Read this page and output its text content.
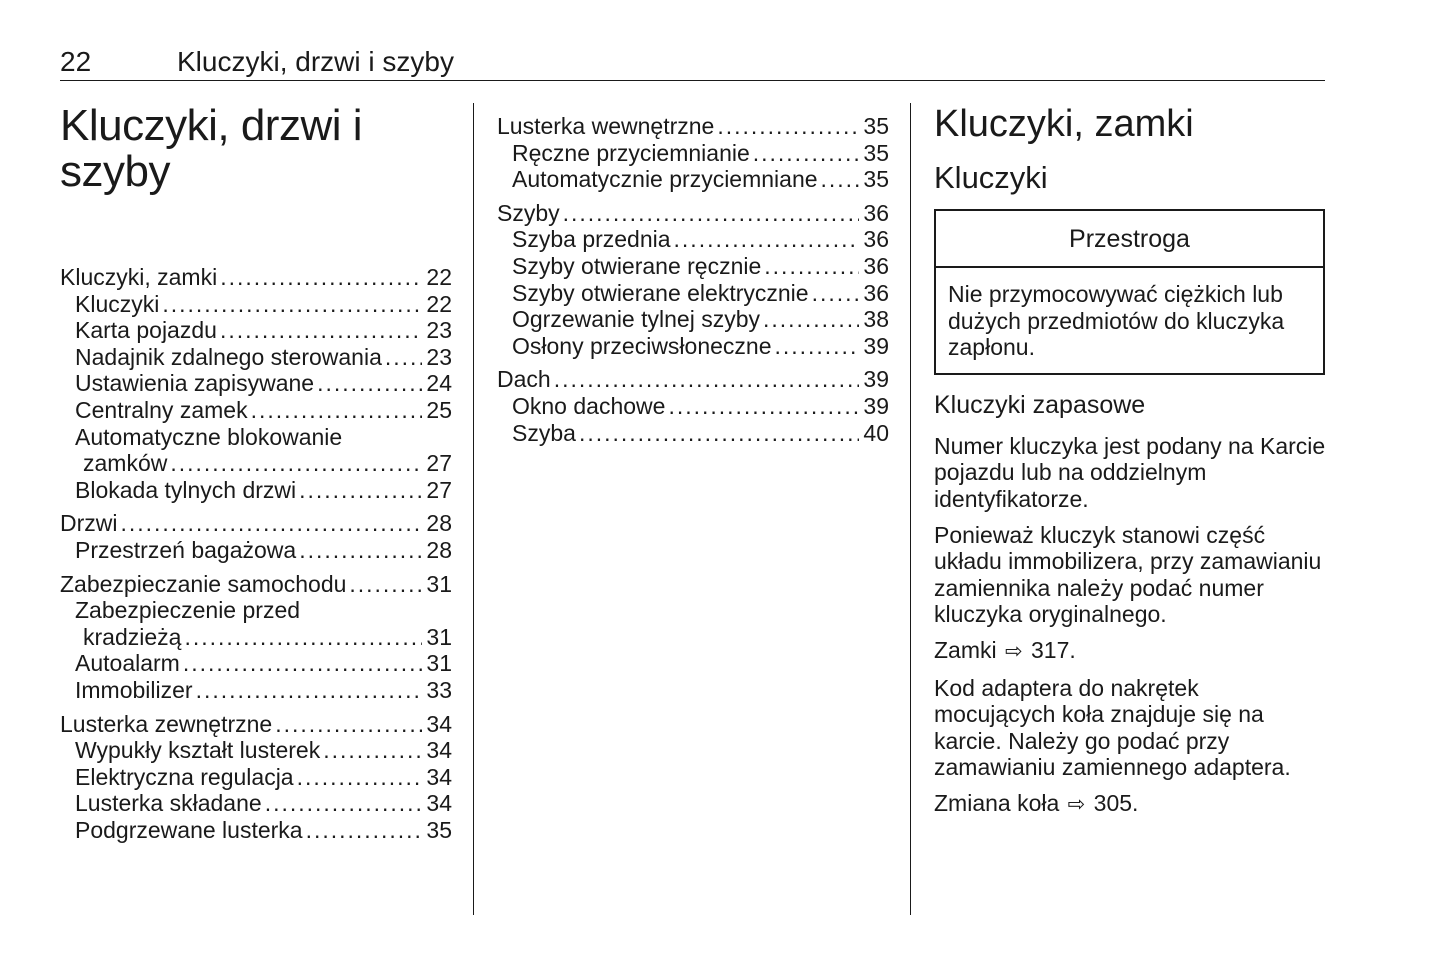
22	Kluczyki, drzwi i szyby
Kluczyki, drzwi i szyby
Kluczyki, zamki . . .	22
Kluczyki . . .	22
Karta pojazdu . . .	23
Nadajnik zdalnego sterowania . . . 23
Ustawienia zapisywane . . .	24
Centralny zamek . . .	25
Automatyczne blokowanie
zamków . . .	27
Blokada tylnych drzwi . . .	27
Drzwi . . .	28
Przestrzeń bagażowa . . .	28
Zabezpieczanie samochodu . . .	31
Zabezpieczenie przed
kradzieżą . . .	31
Autoalarm . . .	31
Immobilizer . . .	33
Lusterka zewnętrzne . . .	34
Wypukły kształt lusterek . . .	34
Elektryczna regulacja . . .	34
Lusterka składane . . .	34
Podgrzewane lusterka . . .	35
Lusterka wewnętrzne . . .	35
Ręczne przyciemnianie . . .	35
Automatycznie przyciemniane . . . 35
Szyby . . .	36
Szyba przednia . . .	36
Szyby otwierane ręcznie . . .	36
Szyby otwierane elektrycznie . . . 36
Ogrzewanie tylnej szyby . . .	38
Osłony przeciwsłoneczne . . .	39
Dach . . .	39
Okno dachowe . . .	39
Szyba . . .	40
Kluczyki, zamki
Kluczyki
Przestroga
Nie przymocowywać ciężkich lub dużych przedmiotów do kluczyka zapłonu.
Kluczyki zapasowe

Numer kluczyka jest podany na Karcie pojazdu lub na oddzielnym identyfikatorze.

Ponieważ kluczyk stanowi część układu immobilizera, przy zamawianiu zamiennika należy podać numer kluczyka oryginalnego.

Zamki ⇨ 317.

Kod adaptera do nakrętek mocujących koła znajduje się na karcie. Należy go podać przy zamawianiu zamiennego adaptera.

Zmiana koła ⇨ 305.
